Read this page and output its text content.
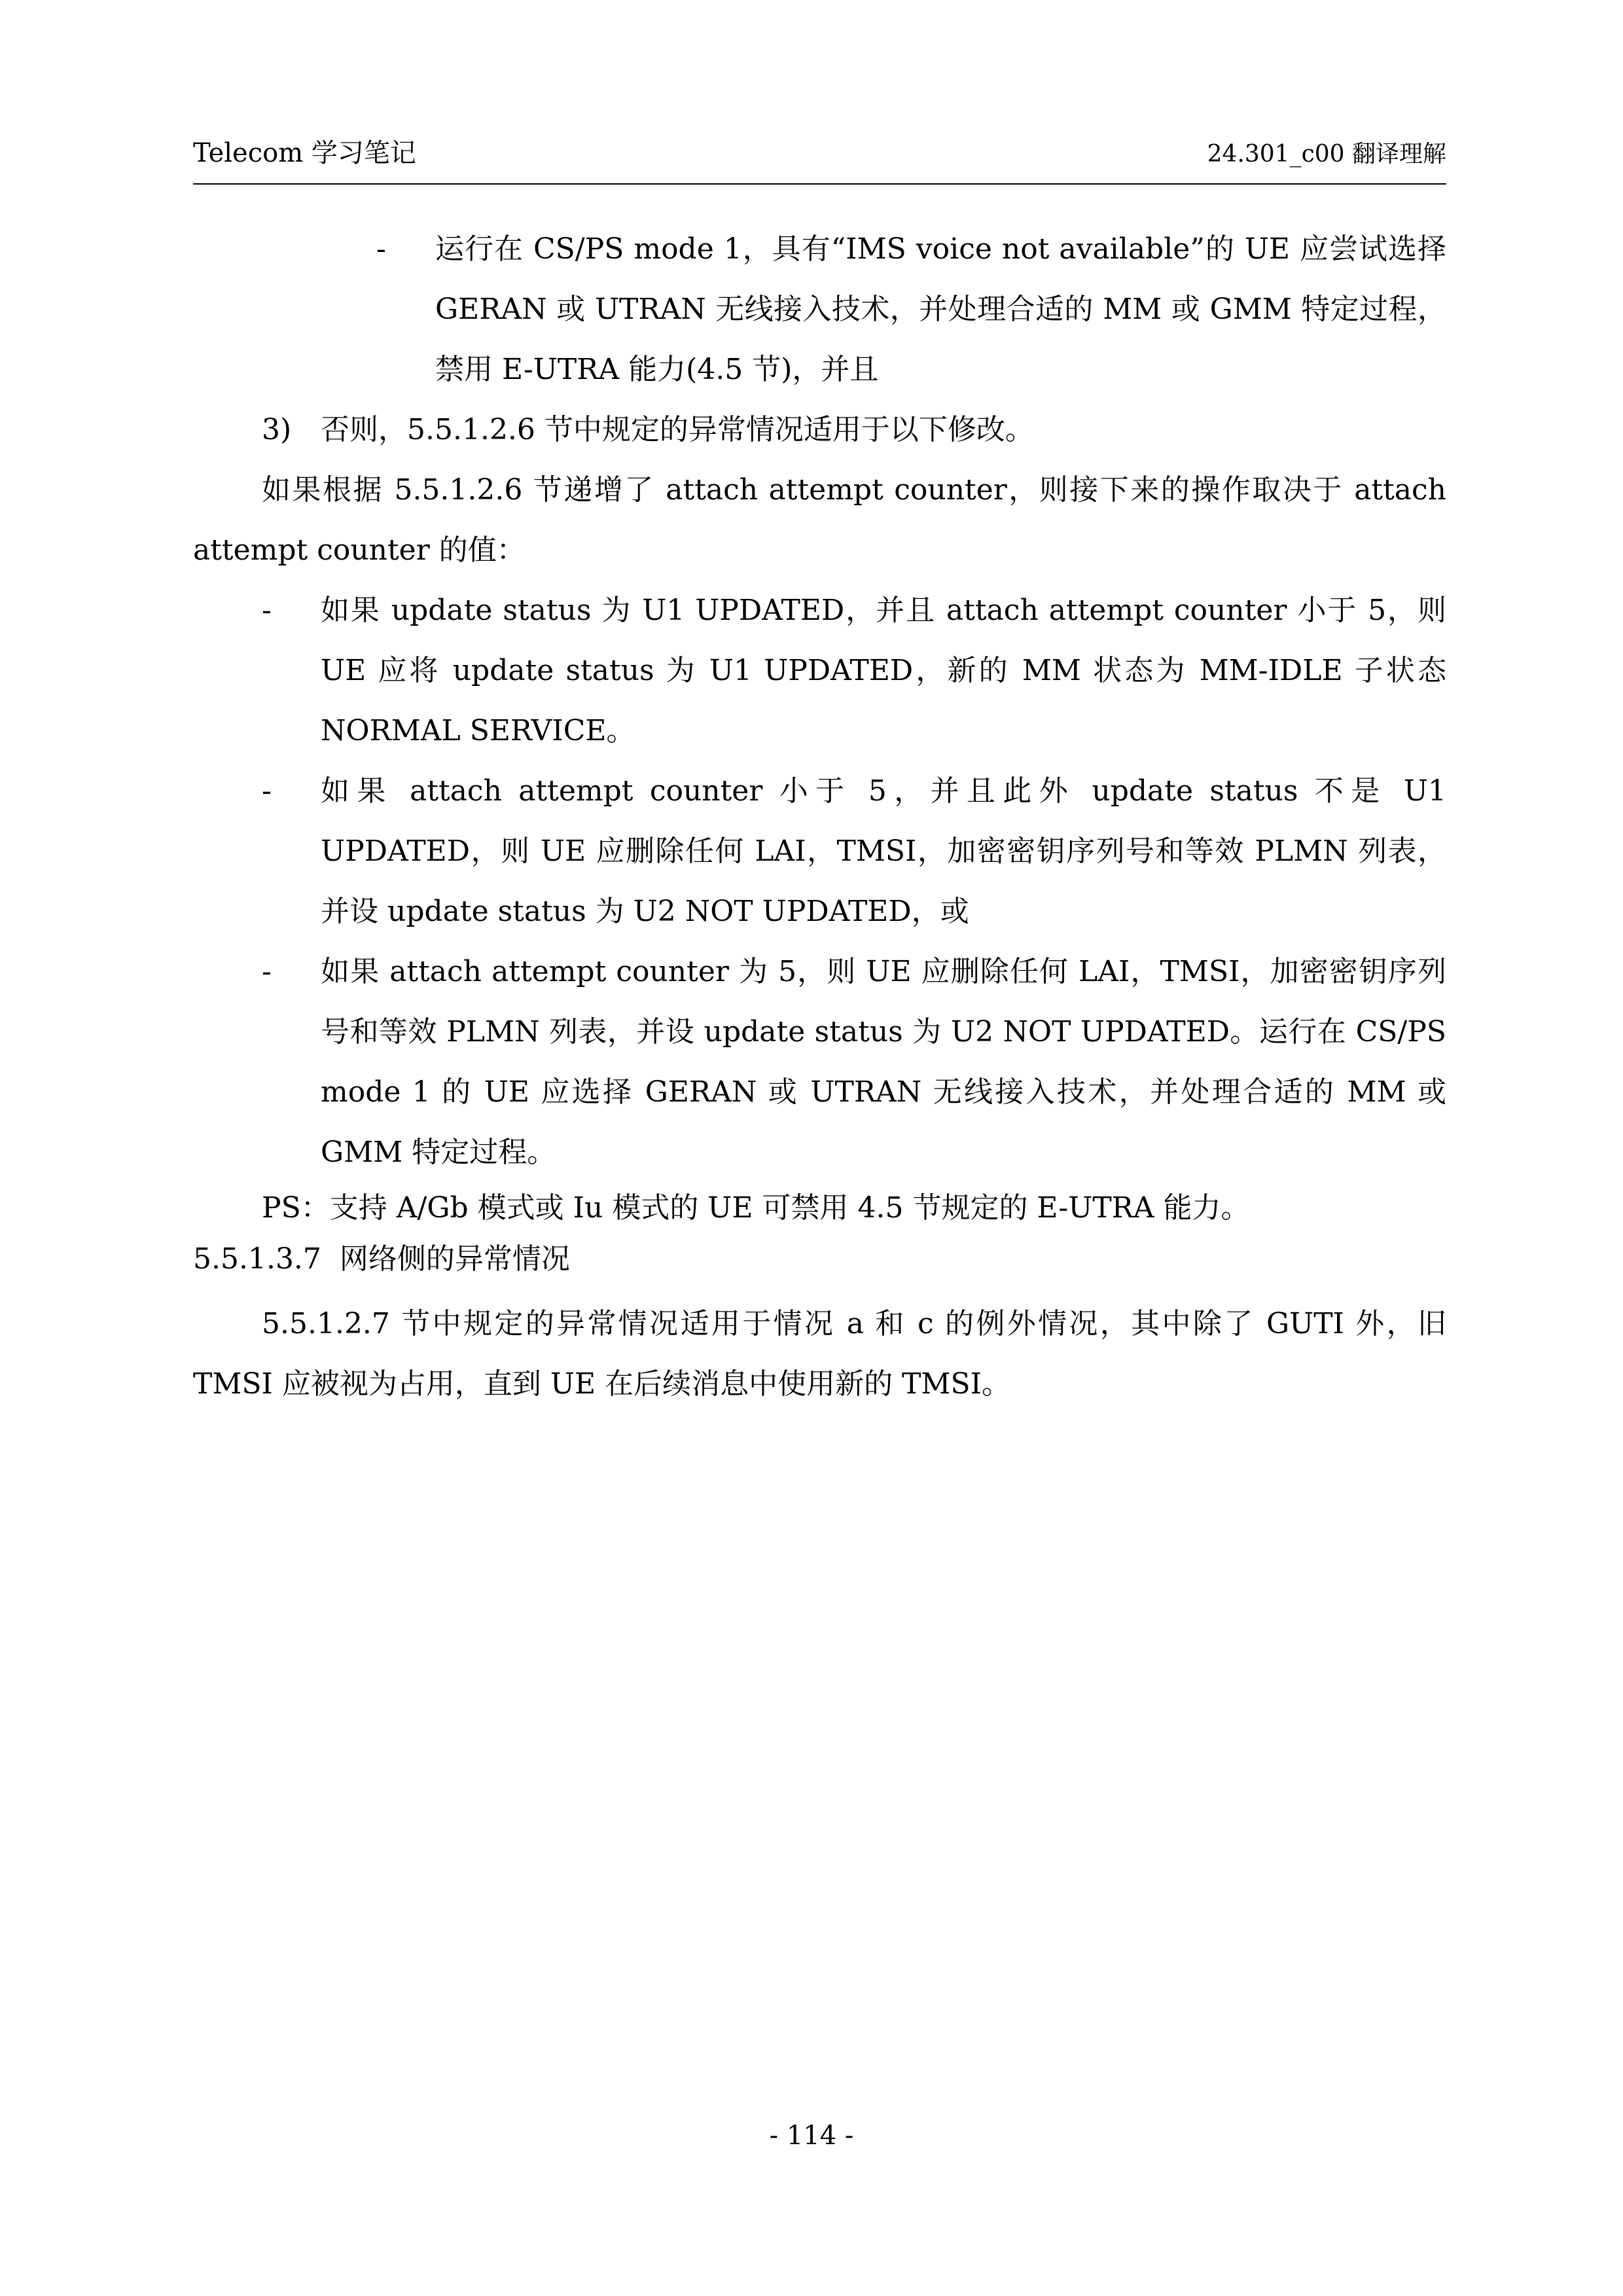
Telecom 学习笔记	24.301_c00 翻译理解
-	运行在 CS/PS mode 1，具有“IMS voice not available”的 UE 应尝试选择 GERAN 或 UTRAN 无线接入技术，并处理合适的 MM 或 GMM 特定过程，禁用 E-UTRA 能力(4.5 节)，并且
3)	否则，5.5.1.2.6 节中规定的异常情况适用于以下修改。

如果根据 5.5.1.2.6 节递增了 attach attempt counter，则接下来的操作取决于 attach attempt counter 的值：

-	如果 update status 为 U1 UPDATED，并且 attach attempt counter 小于 5，则 UE 应将 update status 为 U1 UPDATED，新的 MM 状态为 MM-IDLE 子状态 NORMAL SERVICE。
-	如果 attach attempt counter 小于 5，并且此外 update status 不是 U1 UPDATED，则 UE 应删除任何 LAI，TMSI，加密密钥序列号和等效 PLMN 列表，并设 update status 为 U2 NOT UPDATED，或
-	如果 attach attempt counter 为 5，则 UE 应删除任何 LAI，TMSI，加密密钥序列号和等效 PLMN 列表，并设 update status 为 U2 NOT UPDATED。运行在 CS/PS mode 1 的 UE 应选择 GERAN 或 UTRAN 无线接入技术，并处理合适的 MM 或 GMM 特定过程。

PS：支持 A/Gb 模式或 Iu 模式的 UE 可禁用 4.5 节规定的 E-UTRA 能力。

5.5.1.3.7 网络侧的异常情况

5.5.1.2.7 节中规定的异常情况适用于情况 a 和 c 的例外情况，其中除了 GUTI 外，旧 TMSI 应被视为占用，直到 UE 在后续消息中使用新的 TMSI。

- 114 -
